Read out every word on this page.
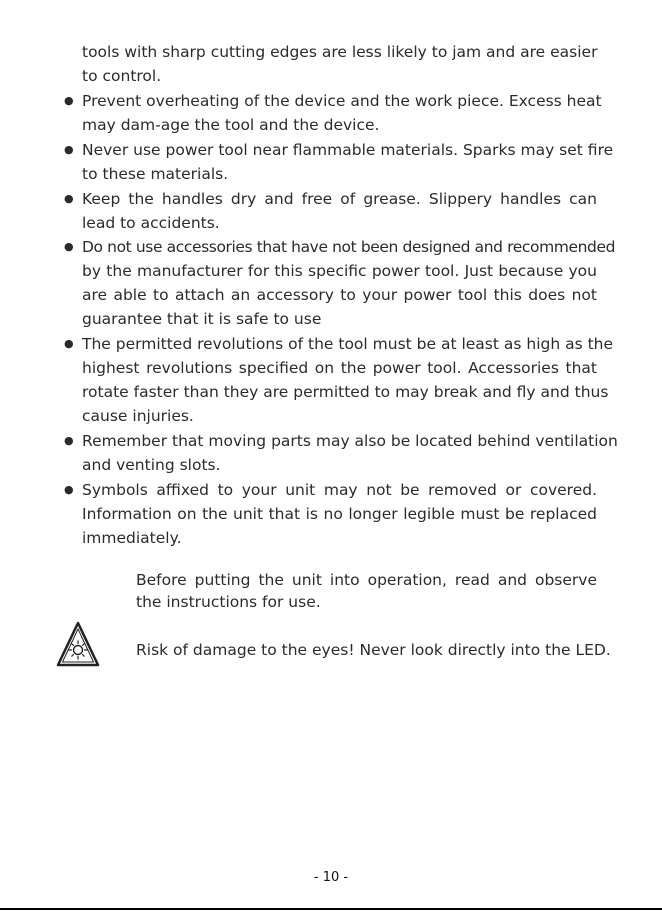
tools with sharp cutting edges are less likely to jam and are easier
to control.
● Prevent overheating of the device and the work piece. Excess heat
may dam-age the tool and the device.
● Never use power tool near flammable materials. Sparks may set fire
to these materials.
● Keep the handles dry and free of grease. Slippery handles can
lead to accidents.
● Do not use accessories that have not been designed and recommended
by the manufacturer for this specific power tool. Just because you
are able to attach an accessory to your power tool this does not
guarantee that it is safe to use
● The permitted revolutions of the tool must be at least as high as the
highest revolutions specified on the power tool. Accessories that
rotate faster than they are permitted to may break and fly and thus
cause injuries.
● Remember that moving parts may also be located behind ventilation
and venting slots.
● Symbols affixed to your unit may not be removed or covered.
Information on the unit that is no longer legible must be replaced
immediately.
Before putting the unit into operation, read and observe
the instructions for use.
Risk of damage to the eyes! Never look directly into the LED.
- 10 -
